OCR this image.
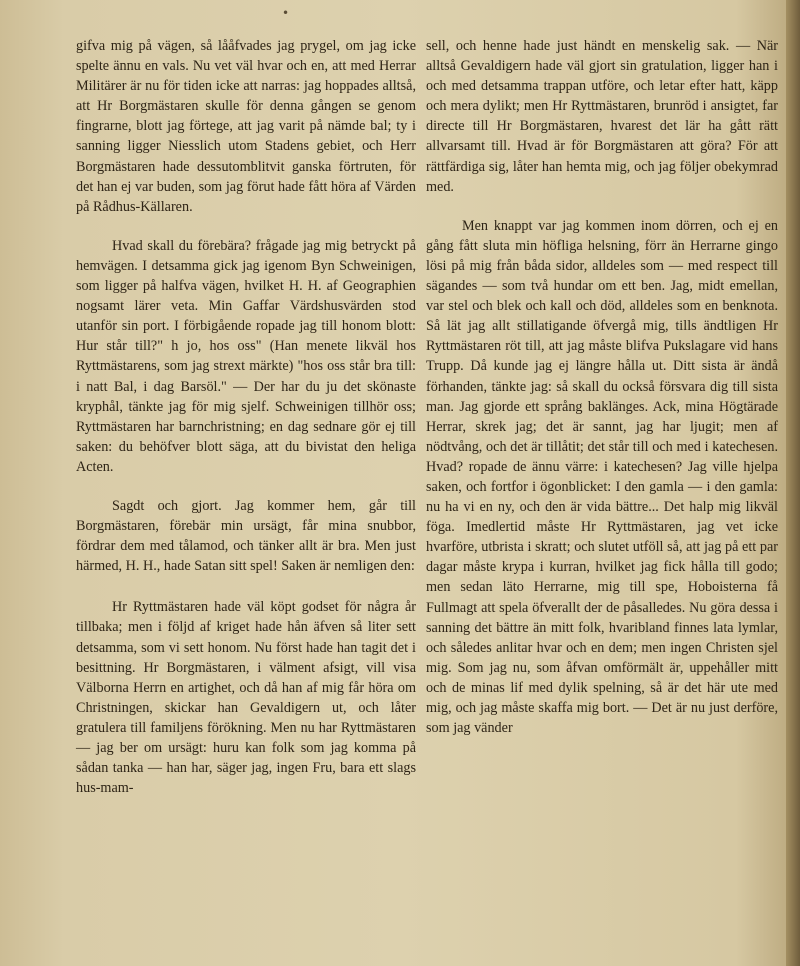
•

gifva mig på vägen, så lååfvades jag prygel, om jag icke spelte ännu en vals. Nu vet väl hvar och en, att med Herrar Militärer är nu för tiden icke att narras: jag hoppades alltså, att Hr Borgmästaren skulle för denna gången se genom fingrarne, blott jag förtege, att jag varit på nämde bal; ty i sanning ligger Niesslich utom Stadens gebiet, och Herr Borgmästaren hade dessutomblitvit ganska förtruten, för det han ej var buden, som jag förut hade fått höra af Värden på Rådhus-Källaren.

Hvad skall du förebära? frågade jag mig betryckt på hemvägen. I detsamma gick jag igenom Byn Schweinigen, som ligger på halfva vägen, hvilket H. H. af Geographien nogsamt lärer veta. Min Gaffar Värdshusvärden stod utanför sin port. I förbigående ropade jag till honom blott: Hur står till?" h jo, hos oss" (Han menete likväl hos Ryttmästarens, som jag strext märkte) "hos oss står bra till: i natt Bal, i dag Barsöl." — Der har du ju det skönaste kryphål, tänkte jag för mig sjelf. Schweinigen tillhör oss; Ryttmästaren har barnchristning; en dag sednare gör ej till saken: du behöfver blott säga, att du bivistat den heliga Acten.

Sagdt och gjort. Jag kommer hem, går till Borgmästaren, förebär min ursägt, får mina snubbor, fördrar dem med tålamod, och tänker allt är bra. Men just härmed, H. H., hade Satan sitt spel! Saken är nemligen den:

Hr Ryttmästaren hade väl köpt godset för några år tillbaka; men i följd af kriget hade hån äfven så liter sett detsamma, som vi sett honom. Nu först hade han tagit det i besittning. Hr Borgmästaren, i välment afsigt, vill visa Välborna Herrn en artighet, och då han af mig får höra om Christningen, skickar han Gevaldigern ut, och låter gratulera till familjens förökning. Men nu har Ryttmästaren — jag ber om ursägt: huru kan folk som jag komma på sådan tanka — han har, säger jag, ingen Fru, bara ett slags hus-mam-

sell, och henne hade just händt en menskelig sak. — När alltså Gevaldigern hade väl gjort sin gratulation, ligger han i och med detsamma trappan utföre, och letar efter hatt, käpp och mera dylikt; men Hr Ryttmästaren, brunröd i ansigtet, far directe till Hr Borgmästaren, hvarest det lär ha gått rätt allvarsamt till. Hvad är för Borgmästaren att göra? För att rättfärdiga sig, låter han hemta mig, och jag följer obekymrad med.

Men knappt var jag kommen inom dörren, och ej en gång fått sluta min höfliga helsning, förr än Herrarne gingo lösi på mig från båda sidor, alldeles som — med respect till sägandes — som två hundar om ett ben. Jag, midt emellan, var stel och blek och kall och död, alldeles som en benknota. Så lät jag allt stillatigande öfvergå mig, tills ändtligen Hr Ryttmästaren röt till, att jag måste blifva Pukslagare vid hans Trupp. Då kunde jag ej längre hålla ut. Ditt sista är ändå förhanden, tänkte jag: så skall du också försvara dig till sista man. Jag gjorde ett språng baklänges. Ack, mina Högtärade Herrar, skrek jag; det är sannt, jag har ljugit; men af nödtvång, och det är tillåtit; det står till och med i katechesen. Hvad? ropade de ännu värre: i katechesen? Jag ville hjelpa saken, och fortfor i ögonblicket: I den gamla — i den gamla: nu ha vi en ny, och den är vida bättre... Det halp mig likväl föga. Imedlertid måste Hr Ryttmästaren, jag vet icke hvarföre, utbrista i skratt; och slutet utföll så, att jag på ett par dagar måste krypa i kurran, hvilket jag fick hålla till godo; men sedan läto Herrarne, mig till spe, Hoboisterna få Fullmagt att spela öfverallt der de påsalledes. Nu göra dessa i sanning det bättre än mitt folk, hvaribland finnes lata lymlar, och således anlitar hvar och en dem; men ingen Christen sjel mig. Som jag nu, som åfvan omförmält är, uppehåller mitt och de minas lif med dylik spelning, så är det här ute med mig, och jag måste skaffa mig bort. — Det är nu just derföre, som jag vänder
